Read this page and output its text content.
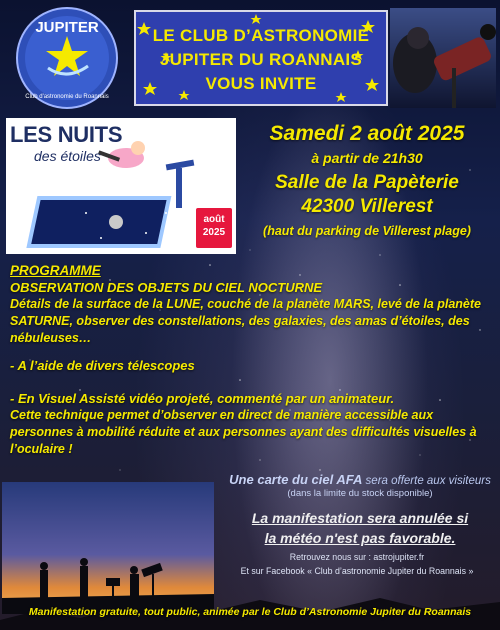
JUPITER
Club d'astronomie du Roannais
LE CLUB D’ASTRONOMIE
JUPITER DU ROANNAIS
VOUS INVITE
LES NUITS
des étoiles
août
2025
Samedi 2 août 2025
à partir de 21h30
Salle de la Papèterie
42300 Villerest
(haut du parking de Villerest plage)
PROGRAMME
OBSERVATION DES OBJETS DU CIEL NOCTURNE
Détails de la surface de la LUNE, couché de la planète MARS, levé de la planète SATURNE, observer des constellations, des galaxies, des amas d’étoiles, des nébuleuses…
- A l’aide de divers télescopes
- En Visuel Assisté vidéo projeté, commenté par un animateur.
Cette technique permet d’observer en direct de manière accessible aux personnes à mobilité réduite et aux personnes ayant des difficultés visuelles à l’oculaire !
Une carte du ciel AFA sera offerte aux visiteurs
(dans la limite du stock disponible)
La manifestation sera annulée si
la météo n'est pas favorable.
Retrouvez nous sur : astrojupiter.fr
Et sur Facebook « Club d’astronomie Jupiter du Roannais »
Manifestation gratuite, tout public, animée par le Club d’Astronomie Jupiter du Roannais
